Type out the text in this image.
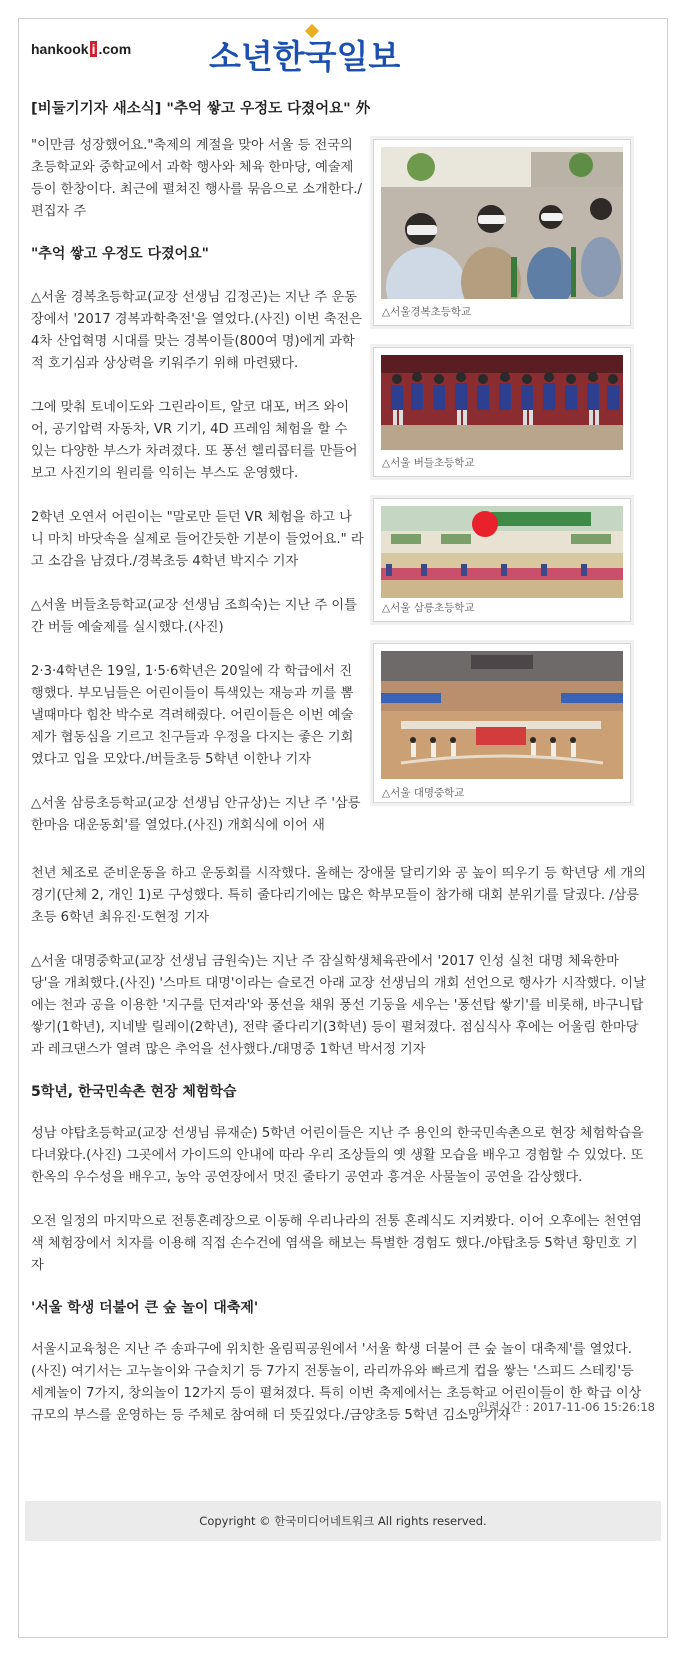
hankook i .com 소년한국일보
[비둘기기자 새소식] "추억 쌓고 우정도 다졌어요" 外

"이만큼 성장했어요."축제의 계절을 맞아 서울 등 전국의 초등학교와 중학교에서 과학 행사와 체육 한마당, 예술제 등이 한창이다. 최근에 펼쳐진 행사를 묶음으로 소개한다./편집자 주

"추억 쌓고 우정도 다졌어요"

△서울 경복초등학교(교장 선생님 김정곤)는 지난 주 운동장에서 '2017 경복과학축전'을 열었다.(사진) 이번 축전은 4차 산업혁명 시대를 맞는 경복이들(800여 명)에게 과학적 호기심과 상상력을 키워주기 위해 마련됐다.

그에 맞춰 토네이도와 그린라이트, 알코 대포, 버즈 와이어, 공기압력 자동차, VR 기기, 4D 프레임 체험을 할 수 있는 다양한 부스가 차려졌다. 또 풍선 헬리콥터를 만들어 보고 사진기의 원리를 익히는 부스도 운영했다.

2학년 오연서 어린이는 "말로만 듣던 VR 체험을 하고 나니 마치 바닷속을 실제로 들어간듯한 기분이 들었어요." 라고 소감을 남겼다./경복초등 4학년 박지수 기자

△서울 버들초등학교(교장 선생님 조희숙)는 지난 주 이틀간 버들 예술제를 실시했다.(사진)

2·3·4학년은 19일, 1·5·6학년은 20일에 각 학급에서 진행했다. 부모님들은 어린이들이 특색있는 재능과 끼를 뽐낼때마다 힘찬 박수로 격려해줬다. 어린이들은 이번 예술제가 협동심을 기르고 친구들과 우정을 다지는 좋은 기회였다고 입을 모았다./버들초등 5학년 이한나 기자

△서울 삼릉초등학교(교장 선생님 안규상)는 지난 주 '삼릉 한마음 대운동회'를 열었다.(사진) 개회식에 이어 새

천년 체조로 준비운동을 하고 운동회를 시작했다. 올해는 장애물 달리기와 공 높이 띄우기 등 학년당 세 개의 경기(단체 2, 개인 1)로 구성했다. 특히 줄다리기에는 많은 학부모들이 참가해 대회 분위기를 달궜다. /삼릉초등 6학년 최유진·도현정 기자

△서울 대명중학교(교장 선생님 금원숙)는 지난 주 잠실학생체육관에서 '2017 인성 실천 대명 체육한마당'을 개최했다.(사진) '스마트 대명'이라는 슬로건 아래 교장 선생님의 개회 선언으로 행사가 시작했다. 이날에는 천과 공을 이용한 '지구를 던져라'와 풍선을 채워 풍선 기둥을 세우는 '풍선탑 쌓기'를 비롯해, 바구니탑 쌓기(1학년), 지네발 릴레이(2학년), 전략 줄다리기(3학년) 등이 펼쳐졌다. 점심식사 후에는 어울림 한마당과 레크댄스가 열려 많은 추억을 선사했다./대명중 1학년 박서정 기자

5학년, 한국민속촌 현장 체험학습

성남 야탑초등학교(교장 선생님 류재순) 5학년 어린이들은 지난 주 용인의 한국민속촌으로 현장 체험학습을 다녀왔다.(사진) 그곳에서 가이드의 안내에 따라 우리 조상들의 옛 생활 모습을 배우고 경험할 수 있었다. 또 한옥의 우수성을 배우고, 농악 공연장에서 멋진 줄타기 공연과 흥겨운 사물놀이 공연을 감상했다.

오전 일정의 마지막으로 전통혼례장으로 이동해 우리나라의 전통 혼례식도 지켜봤다. 이어 오후에는 천연염색 체험장에서 치자를 이용해 직접 손수건에 염색을 해보는 특별한 경험도 했다./야탑초등 5학년 황민호 기자

'서울 학생 더불어 큰 숲 놀이 대축제'

서울시교육청은 지난 주 송파구에 위치한 올림픽공원에서 '서울 학생 더불어 큰 숲 놀이 대축제'를 열었다.(사진) 여기서는 고누놀이와 구슬치기 등 7가지 전통놀이, 라리까유와 빠르게 컵을 쌓는 '스피드 스테킹'등 세계놀이 7가지, 창의놀이 12가지 등이 펼쳐졌다. 특히 이번 축제에서는 초등학교 어린이들이 한 학급 이상 규모의 부스를 운영하는 등 주체로 참여해 더 뜻깊었다./금양초등 5학년 김소망 기자

△서울경복초등학교
△서울 버들초등학교
△서울 삼릉초등학교
△서울 대명중학교
입력시간 : 2017-11-06 15:26:18
Copyright © 한국미디어네트워크 All rights reserved.
